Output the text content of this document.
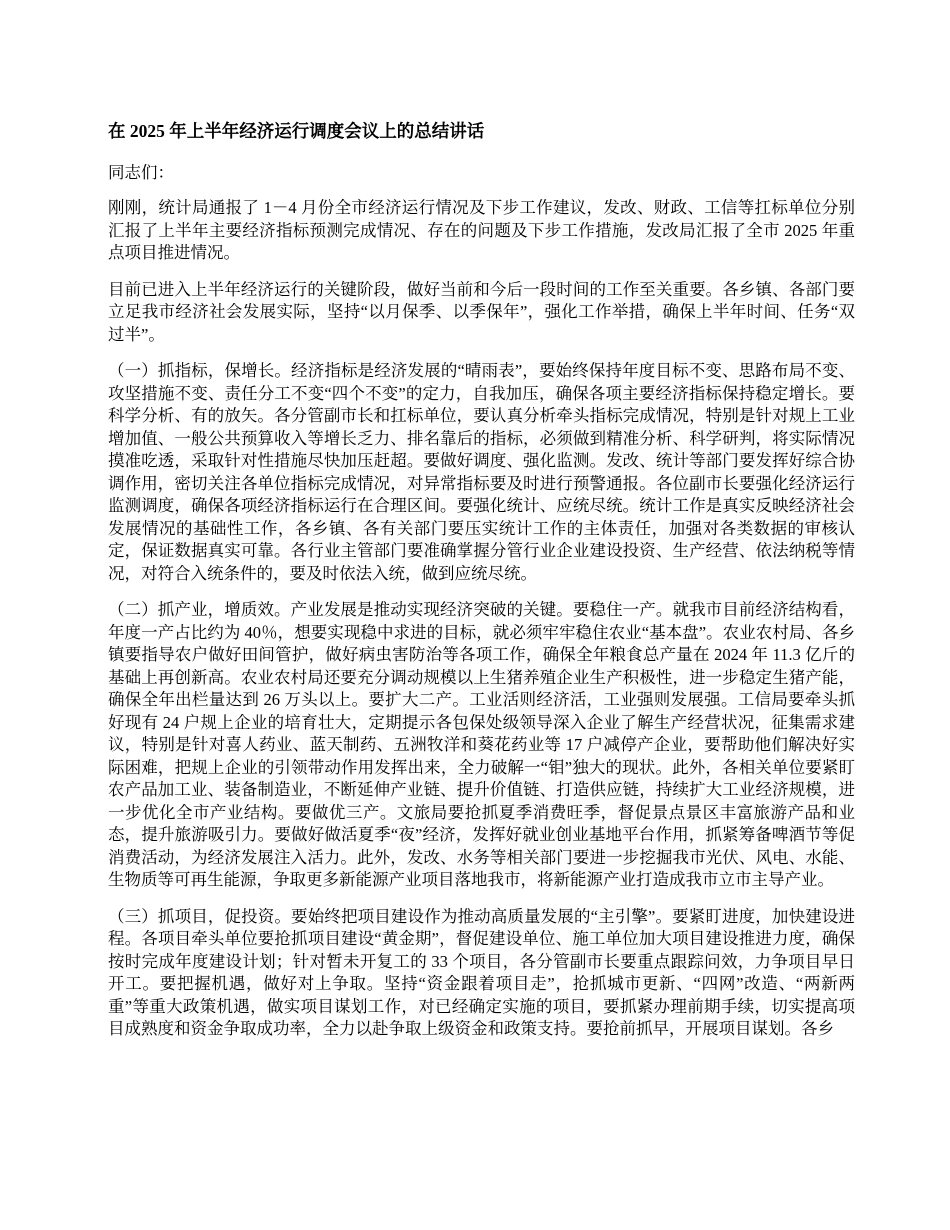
在 2025 年上半年经济运行调度会议上的总结讲话

同志们：

刚刚，统计局通报了 1－4 月份全市经济运行情况及下步工作建议，发改、财政、工信等扛标单位分别汇报了上半年主要经济指标预测完成情况、存在的问题及下步工作措施，发改局汇报了全市 2025 年重点项目推进情况。

目前已进入上半年经济运行的关键阶段，做好当前和今后一段时间的工作至关重要。各乡镇、各部门要立足我市经济社会发展实际，坚持“以月保季、以季保年”，强化工作举措，确保上半年时间、任务“双过半”。

（一）抓指标，保增长。经济指标是经济发展的“晴雨表”，要始终保持年度目标不变、思路布局不变、攻坚措施不变、责任分工不变“四个不变”的定力，自我加压，确保各项主要经济指标保持稳定增长。要科学分析、有的放矢。各分管副市长和扛标单位，要认真分析牵头指标完成情况，特别是针对规上工业增加值、一般公共预算收入等增长乏力、排名靠后的指标，必须做到精准分析、科学研判，将实际情况摸准吃透，采取针对性措施尽快加压赶超。要做好调度、强化监测。发改、统计等部门要发挥好综合协调作用，密切关注各单位指标完成情况，对异常指标要及时进行预警通报。各位副市长要强化经济运行监测调度，确保各项经济指标运行在合理区间。要强化统计、应统尽统。统计工作是真实反映经济社会发展情况的基础性工作，各乡镇、各有关部门要压实统计工作的主体责任，加强对各类数据的审核认定，保证数据真实可靠。各行业主管部门要准确掌握分管行业企业建设投资、生产经营、依法纳税等情况，对符合入统条件的，要及时依法入统，做到应统尽统。

（二）抓产业，增质效。产业发展是推动实现经济突破的关键。要稳住一产。就我市目前经济结构看，年度一产占比约为 40％，想要实现稳中求进的目标，就必须牢牢稳住农业“基本盘”。农业农村局、各乡镇要指导农户做好田间管护，做好病虫害防治等各项工作，确保全年粮食总产量在 2024 年 11.3 亿斤的基础上再创新高。农业农村局还要充分调动规模以上生猪养殖企业生产积极性，进一步稳定生猪产能，确保全年出栏量达到 26 万头以上。要扩大二产。工业活则经济活，工业强则发展强。工信局要牵头抓好现有 24 户规上企业的培育壮大，定期提示各包保处级领导深入企业了解生产经营状况，征集需求建议，特别是针对喜人药业、蓝天制药、五洲牧洋和葵花药业等 17 户减停产企业，要帮助他们解决好实际困难，把规上企业的引领带动作用发挥出来，全力破解一“钼”独大的现状。此外，各相关单位要紧盯农产品加工业、装备制造业，不断延伸产业链、提升价值链、打造供应链，持续扩大工业经济规模，进一步优化全市产业结构。要做优三产。文旅局要抢抓夏季消费旺季，督促景点景区丰富旅游产品和业态，提升旅游吸引力。要做好做活夏季“夜”经济，发挥好就业创业基地平台作用，抓紧筹备啤酒节等促消费活动，为经济发展注入活力。此外，发改、水务等相关部门要进一步挖掘我市光伏、风电、水能、生物质等可再生能源，争取更多新能源产业项目落地我市，将新能源产业打造成我市立市主导产业。

（三）抓项目，促投资。要始终把项目建设作为推动高质量发展的“主引擎”。要紧盯进度，加快建设进程。各项目牵头单位要抢抓项目建设“黄金期”，督促建设单位、施工单位加大项目建设推进力度，确保按时完成年度建设计划；针对暂未开复工的 33 个项目，各分管副市长要重点跟踪问效，力争项目早日开工。要把握机遇，做好对上争取。坚持“资金跟着项目走”，抢抓城市更新、“四网”改造、“两新两重”等重大政策机遇，做实项目谋划工作，对已经确定实施的项目，要抓紧办理前期手续，切实提高项目成熟度和资金争取成功率，全力以赴争取上级资金和政策支持。要抢前抓早，开展项目谋划。各乡
